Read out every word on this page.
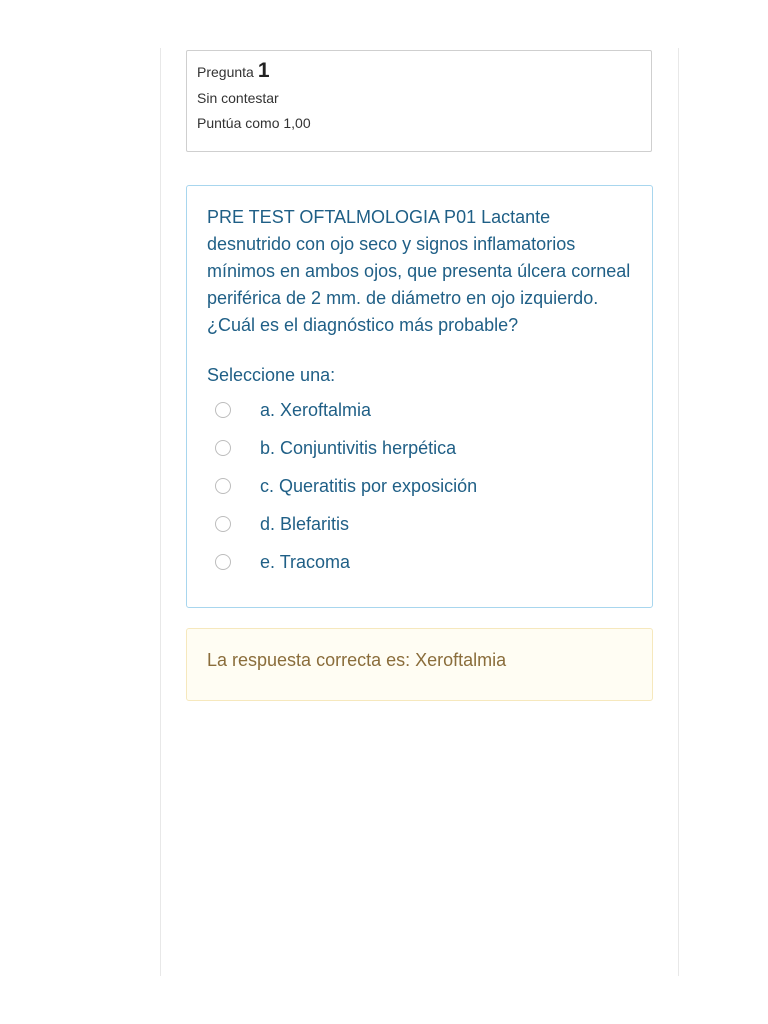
Pregunta 1
Sin contestar
Puntúa como 1,00

PRE TEST OFTALMOLOGIA P01 Lactante desnutrido con ojo seco y signos inflamatorios mínimos en ambos ojos, que presenta úlcera corneal periférica de 2 mm. de diámetro en ojo izquierdo. ¿Cuál es el diagnóstico más probable?

Seleccione una:
a. Xeroftalmia
b. Conjuntivitis herpética
c. Queratitis por exposición
d. Blefaritis
e. Tracoma
La respuesta correcta es: Xeroftalmia
